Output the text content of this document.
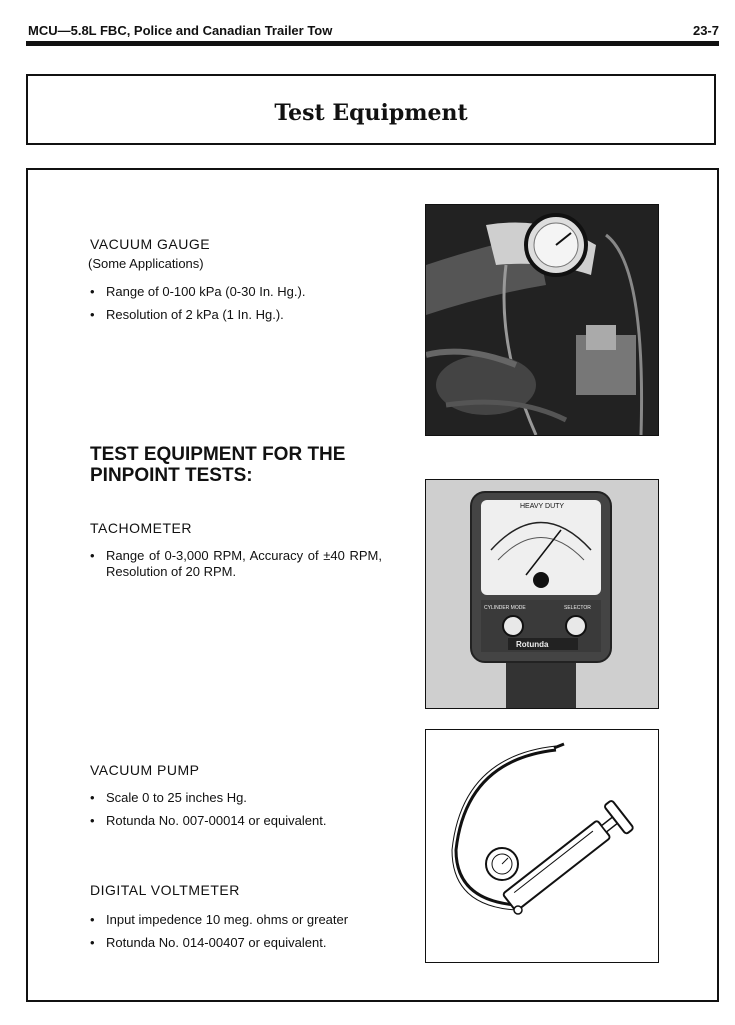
MCU—5.8L FBC, Police and Canadian Trailer Tow	23-7
Test Equipment
VACUUM GAUGE
(Some Applications)
• Range of 0-100 kPa (0-30 In. Hg.).
• Resolution of 2 kPa (1 In. Hg.).
TEST EQUIPMENT FOR THE PINPOINT TESTS:
TACHOMETER
• Range of 0-3,000 RPM, Accuracy of ±40 RPM, Resolution of 20 RPM.
VACUUM PUMP
• Scale 0 to 25 inches Hg.
• Rotunda No. 007-00014 or equivalent.
DIGITAL VOLTMETER
• Input impedence 10 meg. ohms or greater
• Rotunda No. 014-00407 or equivalent.
HEAVY DUTY
CYLINDER MODE	SELECTOR
Rotunda
